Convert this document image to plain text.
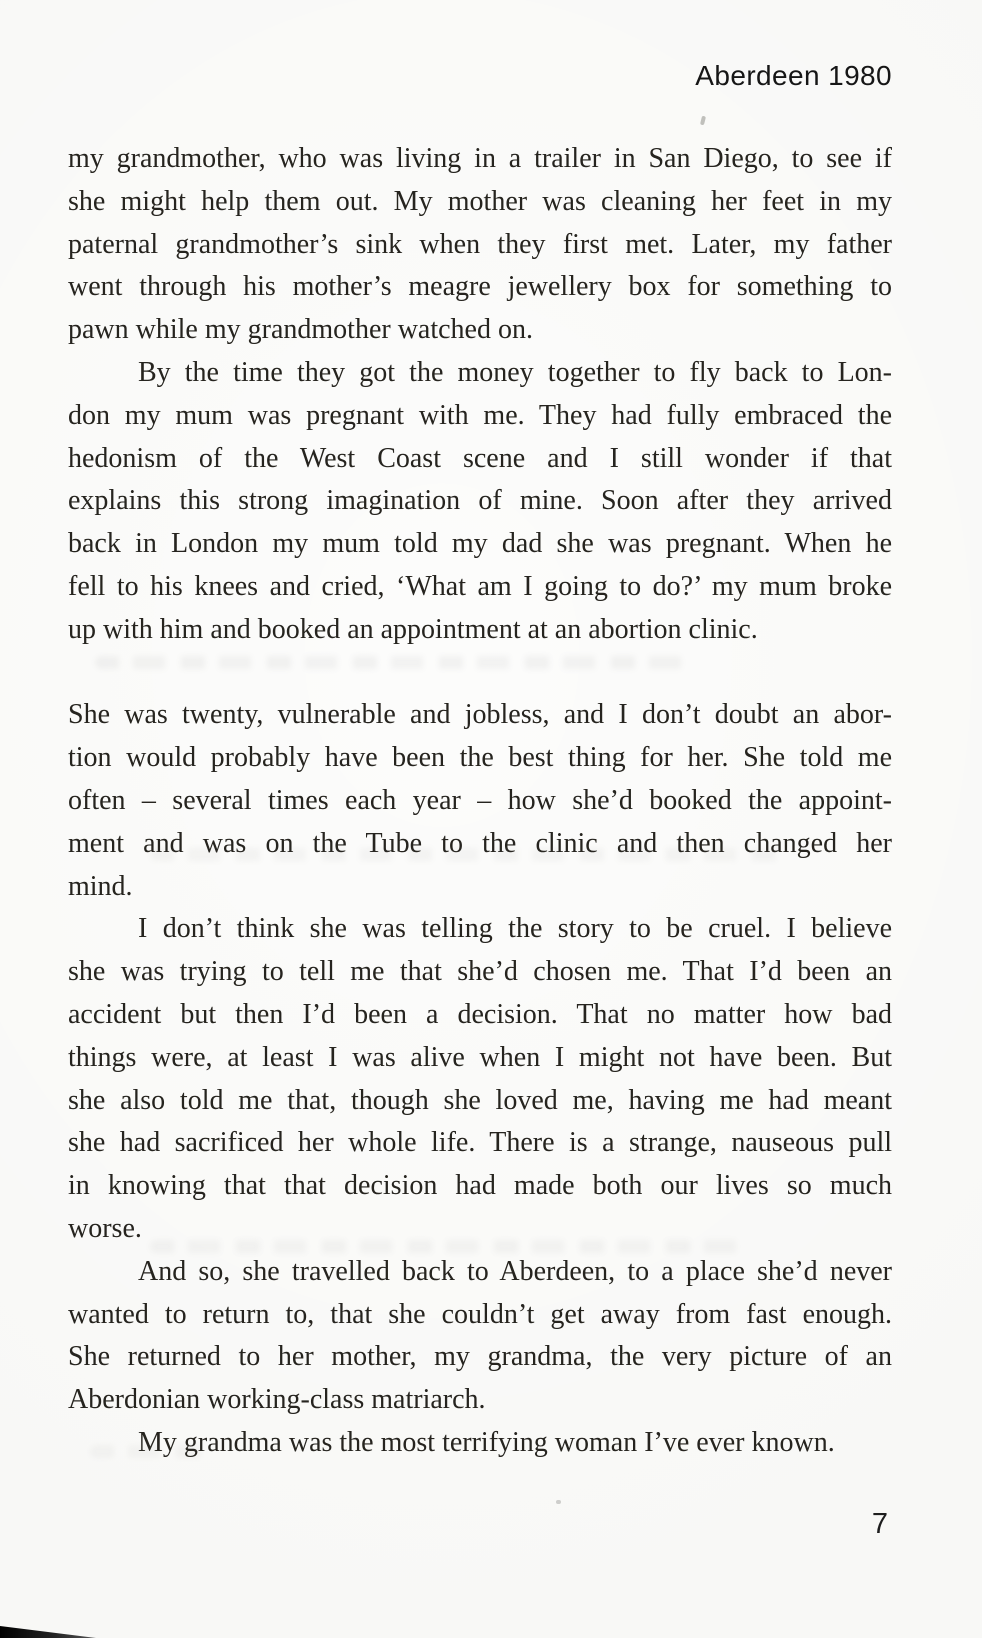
Aberdeen 1980
my grandmother, who was living in a trailer in San Diego, to see if
she might help them out. My mother was cleaning her feet in my
paternal grandmother’s sink when they first met. Later, my father
went through his mother’s meagre jewellery box for something to
pawn while my grandmother watched on.
By the time they got the money together to fly back to Lon-
don my mum was pregnant with me. They had fully embraced the
hedonism of the West Coast scene and I still wonder if that
explains this strong imagination of mine. Soon after they arrived
back in London my mum told my dad she was pregnant. When he
fell to his knees and cried, ‘What am I going to do?’ my mum broke
up with him and booked an appointment at an abortion clinic.
She was twenty, vulnerable and jobless, and I don’t doubt an abor-
tion would probably have been the best thing for her. She told me
often – several times each year – how she’d booked the appoint-
ment and was on the Tube to the clinic and then changed her
mind.
I don’t think she was telling the story to be cruel. I believe
she was trying to tell me that she’d chosen me. That I’d been an
accident but then I’d been a decision. That no matter how bad
things were, at least I was alive when I might not have been. But
she also told me that, though she loved me, having me had meant
she had sacrificed her whole life. There is a strange, nauseous pull
in knowing that that decision had made both our lives so much
worse.
And so, she travelled back to Aberdeen, to a place she’d never
wanted to return to, that she couldn’t get away from fast enough.
She returned to her mother, my grandma, the very picture of an
Aberdonian working-class matriarch.
My grandma was the most terrifying woman I’ve ever known.
7
